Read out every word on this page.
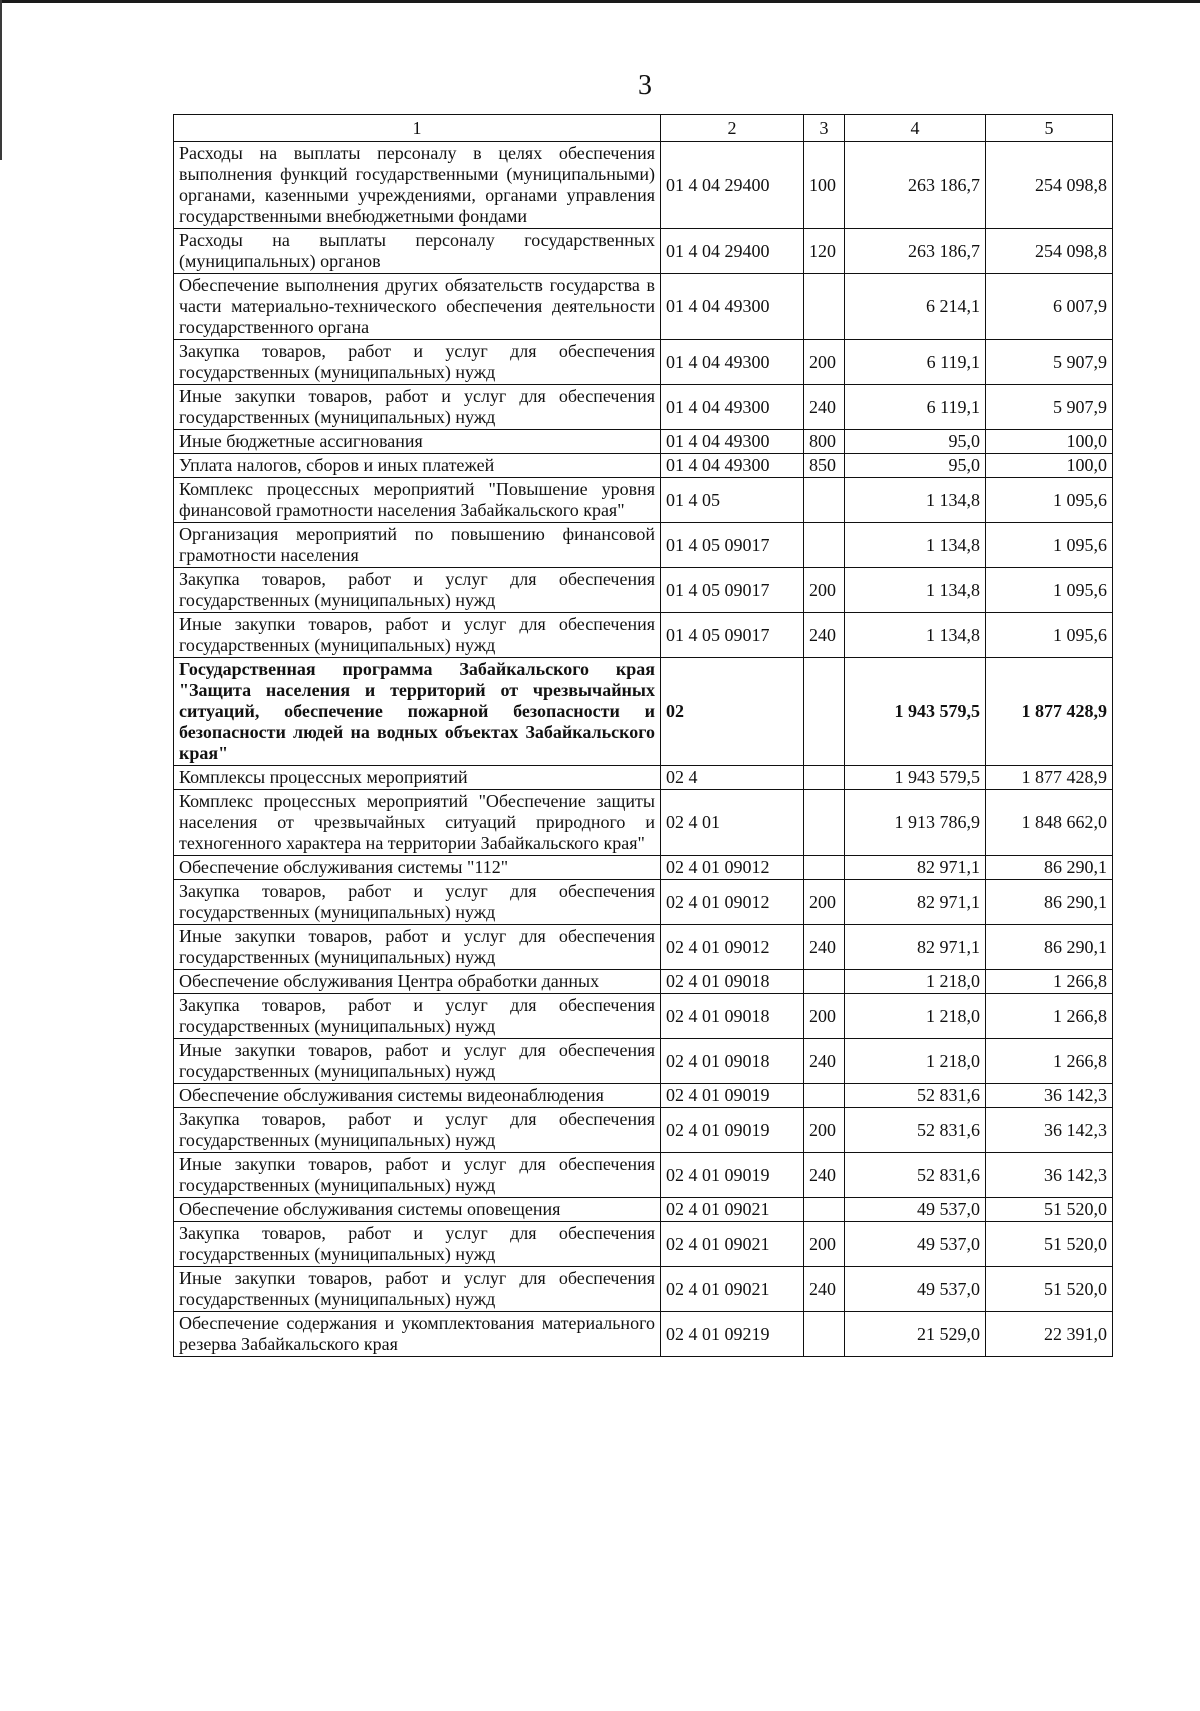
3
1	2	3	4	5
Расходы на выплаты персоналу в целях обеспечения выполнения функций государственными (муниципальными) органами, казенными учреждениями, органами управления государственными внебюджетными фондами	01 4 04 29400	100	263 186,7	254 098,8
Расходы на выплаты персоналу государственных (муниципальных) органов	01 4 04 29400	120	263 186,7	254 098,8
Обеспечение выполнения других обязательств государства в части материально-технического обеспечения деятельности государственного органа	01 4 04 49300		6 214,1	6 007,9
Закупка товаров, работ и услуг для обеспечения государственных (муниципальных) нужд	01 4 04 49300	200	6 119,1	5 907,9
Иные закупки товаров, работ и услуг для обеспечения государственных (муниципальных) нужд	01 4 04 49300	240	6 119,1	5 907,9
Иные бюджетные ассигнования	01 4 04 49300	800	95,0	100,0
Уплата налогов, сборов и иных платежей	01 4 04 49300	850	95,0	100,0
Комплекс процессных мероприятий "Повышение уровня финансовой грамотности населения Забайкальского края"	01 4 05		1 134,8	1 095,6
Организация мероприятий по повышению финансовой грамотности населения	01 4 05 09017		1 134,8	1 095,6
Закупка товаров, работ и услуг для обеспечения государственных (муниципальных) нужд	01 4 05 09017	200	1 134,8	1 095,6
Иные закупки товаров, работ и услуг для обеспечения государственных (муниципальных) нужд	01 4 05 09017	240	1 134,8	1 095,6
Государственная программа Забайкальского края "Защита населения и территорий от чрезвычайных ситуаций, обеспечение пожарной безопасности и безопасности людей на водных объектах Забайкальского края"	02		1 943 579,5	1 877 428,9
Комплексы процессных мероприятий	02 4		1 943 579,5	1 877 428,9
Комплекс процессных мероприятий "Обеспечение защиты населения от чрезвычайных ситуаций природного и техногенного характера на территории Забайкальского края"	02 4 01		1 913 786,9	1 848 662,0
Обеспечение обслуживания системы "112"	02 4 01 09012		82 971,1	86 290,1
Закупка товаров, работ и услуг для обеспечения государственных (муниципальных) нужд	02 4 01 09012	200	82 971,1	86 290,1
Иные закупки товаров, работ и услуг для обеспечения государственных (муниципальных) нужд	02 4 01 09012	240	82 971,1	86 290,1
Обеспечение обслуживания Центра обработки данных	02 4 01 09018		1 218,0	1 266,8
Закупка товаров, работ и услуг для обеспечения государственных (муниципальных) нужд	02 4 01 09018	200	1 218,0	1 266,8
Иные закупки товаров, работ и услуг для обеспечения государственных (муниципальных) нужд	02 4 01 09018	240	1 218,0	1 266,8
Обеспечение обслуживания системы видеонаблюдения	02 4 01 09019		52 831,6	36 142,3
Закупка товаров, работ и услуг для обеспечения государственных (муниципальных) нужд	02 4 01 09019	200	52 831,6	36 142,3
Иные закупки товаров, работ и услуг для обеспечения государственных (муниципальных) нужд	02 4 01 09019	240	52 831,6	36 142,3
Обеспечение обслуживания системы оповещения	02 4 01 09021		49 537,0	51 520,0
Закупка товаров, работ и услуг для обеспечения государственных (муниципальных) нужд	02 4 01 09021	200	49 537,0	51 520,0
Иные закупки товаров, работ и услуг для обеспечения государственных (муниципальных) нужд	02 4 01 09021	240	49 537,0	51 520,0
Обеспечение содержания и укомплектования материального резерва Забайкальского края	02 4 01 09219		21 529,0	22 391,0
